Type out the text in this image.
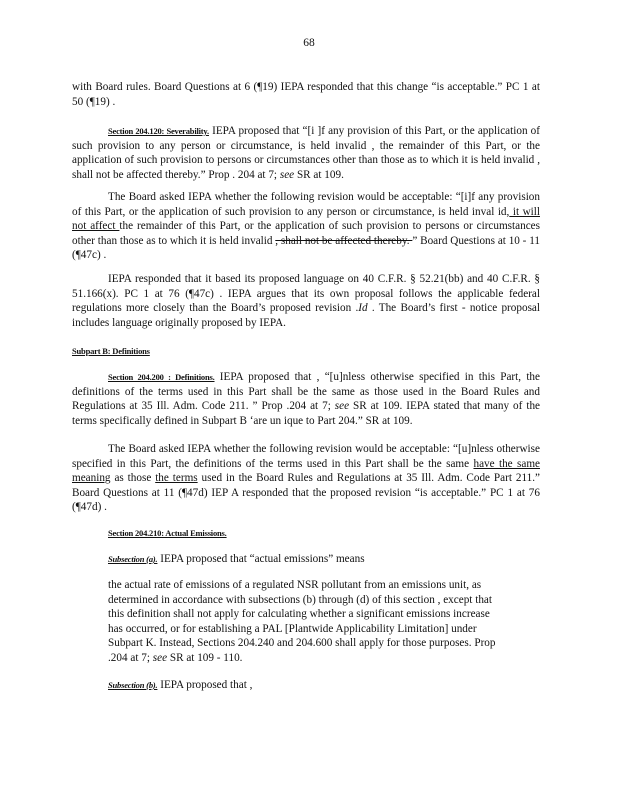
68
with Board rules. Board Questions at 6 (¶19) IEPA responded that this change “is acceptable.” PC 1 at 50 (¶19) .
Section 204.120: Severability. IEPA proposed that “[i ]f any provision of this Part, or the application of such provision to any person or circumstance, is held invalid , the remainder of this Part, or the application of such provision to persons or circumstances other than those as to which it is held invalid , shall not be affected thereby.” Prop . 204 at 7; see SR at 109.
The Board asked IEPA whether the following revision would be acceptable: “[i]f any provision of this Part, or the application of such provision to any person or circumstance, is held inval id, it will not affect the remainder of this Part, or the application of such provision to persons or circumstances other than those as to which it is held invalid , shall not be affected thereby. ” Board Questions at 10 - 11 (¶47c) .
IEPA responded that it based its proposed language on 40 C.F.R. § 52.21(bb) and 40 C.F.R. § 51.166(x). PC 1 at 76 (¶47c) . IEPA argues that its own proposal follows the applicable federal regulations more closely than the Board’s proposed revision .Id . The Board’s first - notice proposal includes language originally proposed by IEPA.
Subpart B: Definitions
Section 204.200 : Definitions. IEPA proposed that , “[u]nless otherwise specified in this Part, the definitions of the terms used in this Part shall be the same as those used in the Board Rules and Regulations at 35 Ill. Adm. Code 211. ” Prop .204 at 7; see SR at 109. IEPA stated that many of the terms specifically defined in Subpart B ‘are un ique to Part 204.” SR at 109.
The Board asked IEPA whether the following revision would be acceptable: “[u]nless otherwise specified in this Part, the definitions of the terms used in this Part shall be the same have the same meaning as those the terms used in the Board Rules and Regulations at 35 Ill. Adm. Code Part 211.” Board Questions at 11 (¶47d) IEP A responded that the proposed revision “is acceptable.” PC 1 at 76 (¶47d) .
Section 204.210: Actual Emissions.
Subsection (a). IEPA proposed that “actual emissions” means
the actual rate of emissions of a regulated NSR pollutant from an emissions unit, as determined in accordance with subsections (b) through (d) of this section , except that this definition shall not apply for calculating whether a significant emissions increase has occurred, or for establishing a PAL [Plantwide Applicability Limitation] under Subpart K. Instead, Sections 204.240 and 204.600 shall apply for those purposes. Prop .204 at 7; see SR at 109 - 110.
Subsection (b). IEPA proposed that ,
